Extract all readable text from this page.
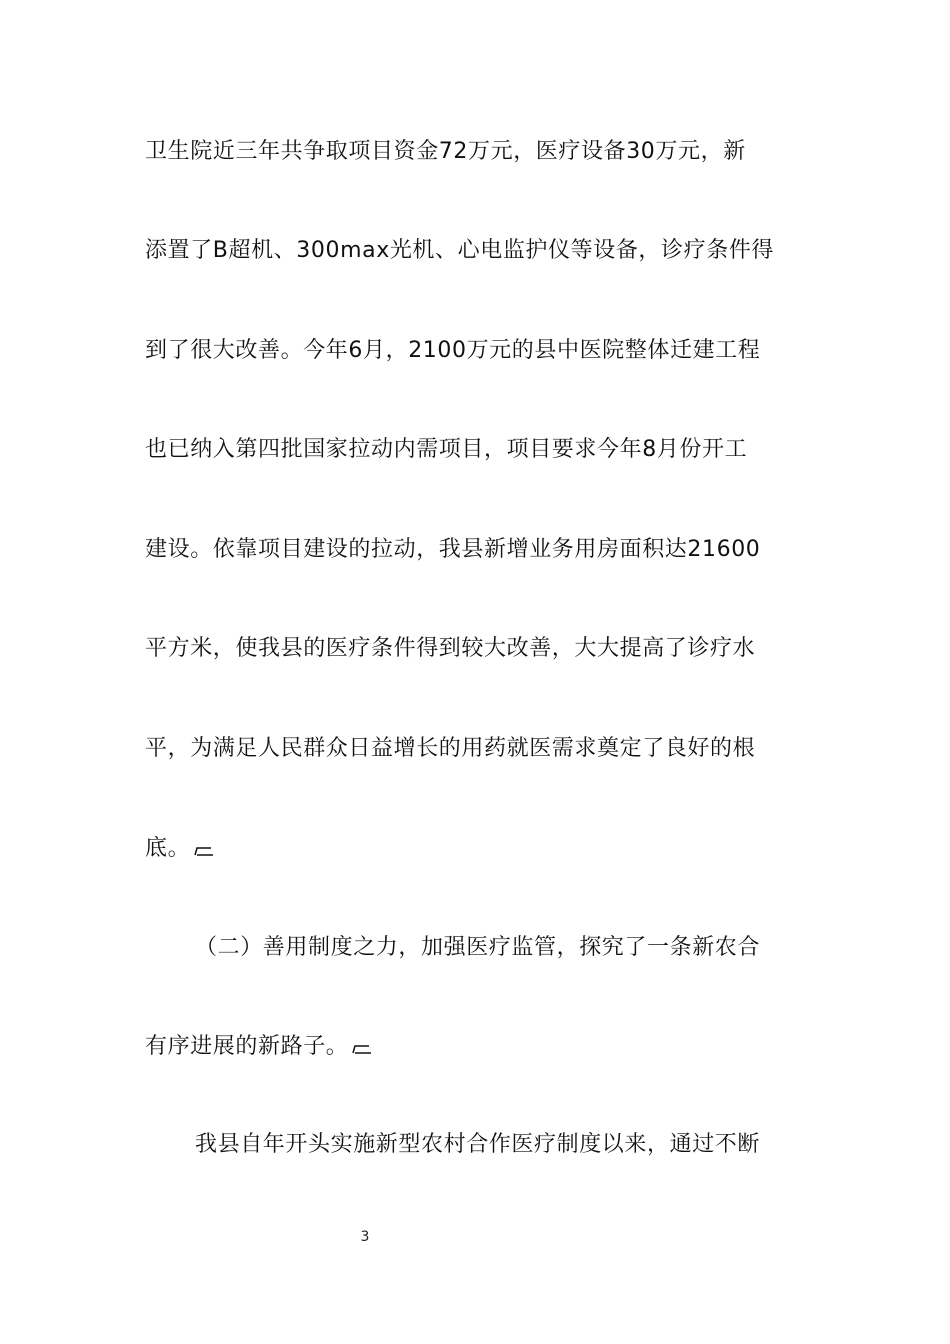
卫生院近三年共争取项目资金72万元，医疗设备30万元，新
添置了B超机、300max光机、心电监护仪等设备，诊疗条件得
到了很大改善。今年6月，2100万元的县中医院整体迁建工程
也已纳入第四批国家拉动内需项目，项目要求今年8月份开工
建设。依靠项目建设的拉动，我县新增业务用房面积达21600
平方米，使我县的医疗条件得到较大改善，大大提高了诊疗水
平，为满足人民群众日益增长的用药就医需求奠定了良好的根
底。
（二）善用制度之力，加强医疗监管，探究了一条新农合
有序进展的新路子。
我县自年开头实施新型农村合作医疗制度以来，通过不断
3
